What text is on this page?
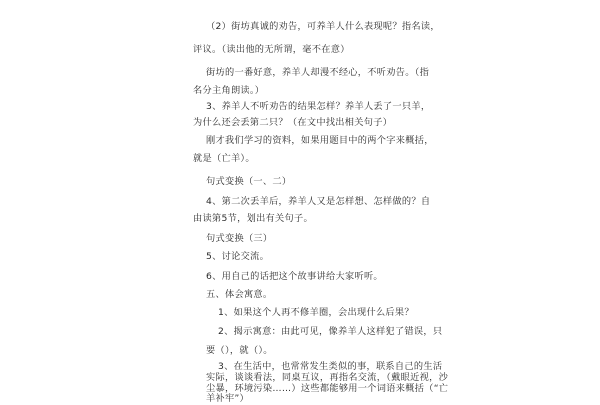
（2）街坊真诚的劝告，可养羊人什么表现呢？指名读，
评议。（读出他的无所谓，毫不在意）
街坊的一番好意，养羊人却漫不经心，不听劝告。（指
名分主角朗读。）
3、养羊人不听劝告的结果怎样？养羊人丢了一只羊，
为什么还会丢第二只？（在文中找出相关句子）
刚才我们学习的资料，如果用题目中的两个字来概括，
就是（亡羊）。
句式变换（一、二）
4、第二次丢羊后，养羊人又是怎样想、怎样做的？自
由读第5节，划出有关句子。
句式变换（三）
5、讨论交流。
6、用自己的话把这个故事讲给大家听听。
五、体会寓意。
1、如果这个人再不修羊圈，会出现什么后果？
2、揭示寓意：由此可见，像养羊人这样犯了错误，只
要（），就（）。
3、在生活中，也常常发生类似的事，联系自己的生活
实际，谈谈看法，同桌互议，再指名交流，（戴眼近视，沙
尘暴，环境污染……）这些都能够用一个词语来概括（“亡
羊补牢”）
